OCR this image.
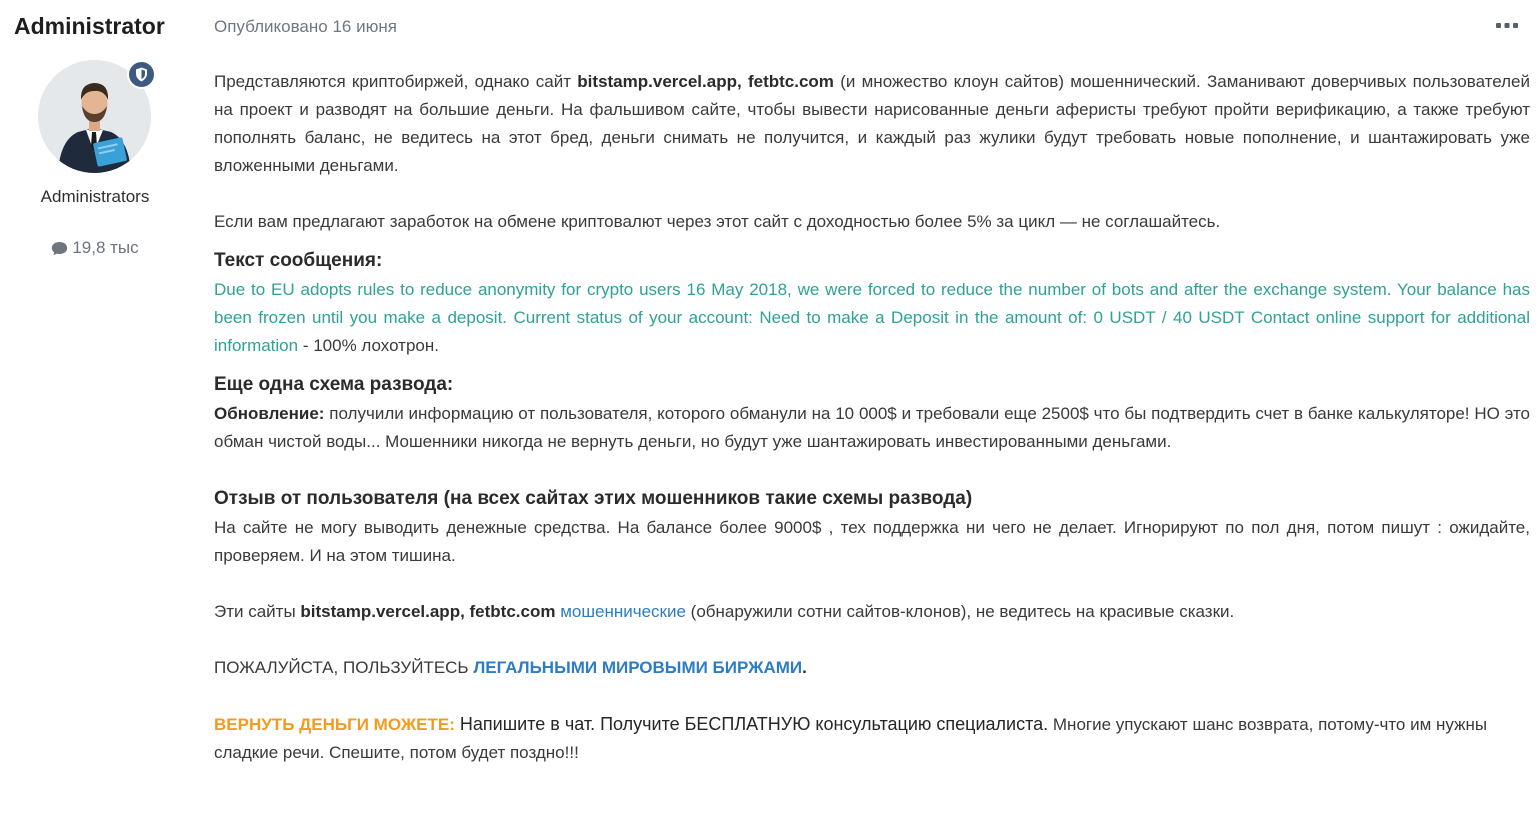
Administrator
Administrators
19,8 тыс
Опубликовано 16 июня

Представляются криптобиржей, однако сайт bitstamp.vercel.app, fetbtc.com (и множество клоун сайтов) мошеннический. Заманивают доверчивых пользователей на проект и разводят на большие деньги. На фальшивом сайте, чтобы вывести нарисованные деньги аферисты требуют пройти верификацию, а также требуют пополнять баланс, не ведитесь на этот бред, деньги снимать не получится, и каждый раз жулики будут требовать новые пополнение, и шантажировать уже вложенными деньгами.

Если вам предлагают заработок на обмене криптовалют через этот сайт с доходностью более 5% за цикл — не соглашайтесь.

Текст сообщения:

Due to EU adopts rules to reduce anonymity for crypto users 16 May 2018, we were forced to reduce the number of bots and after the exchange system. Your balance has been frozen until you make a deposit. Current status of your account: Need to make a Deposit in the amount of: 0 USDT / 40 USDT Contact online support for additional information - 100% лохотрон.

Еще одна схема развода:

Обновление: получили информацию от пользователя, которого обманули на 10 000$ и требовали еще 2500$ что бы подтвердить счет в банке калькуляторе! НО это обман чистой воды... Мошенники никогда не вернуть деньги, но будут уже шантажировать инвестированными деньгами.

Отзыв от пользователя (на всех сайтах этих мошенников такие схемы развода)

На сайте не могу выводить денежные средства. На балансе более 9000$ , тех поддержка ни чего не делает. Игнорируют по пол дня, потом пишут : ожидайте, проверяем. И на этом тишина.

Эти сайты bitstamp.vercel.app, fetbtc.com мошеннические (обнаружили сотни сайтов-клонов), не ведитесь на красивые сказки.

ПОЖАЛУЙСТА, ПОЛЬЗУЙТЕСЬ ЛЕГАЛЬНЫМИ МИРОВЫМИ БИРЖАМИ.

ВЕРНУТЬ ДЕНЬГИ МОЖЕТЕ: Напишите в чат. Получите БЕСПЛАТНУЮ консультацию специалиста. Многие упускают шанс возврата, потому-что им нужны сладкие речи. Спешите, потом будет поздно!!!
